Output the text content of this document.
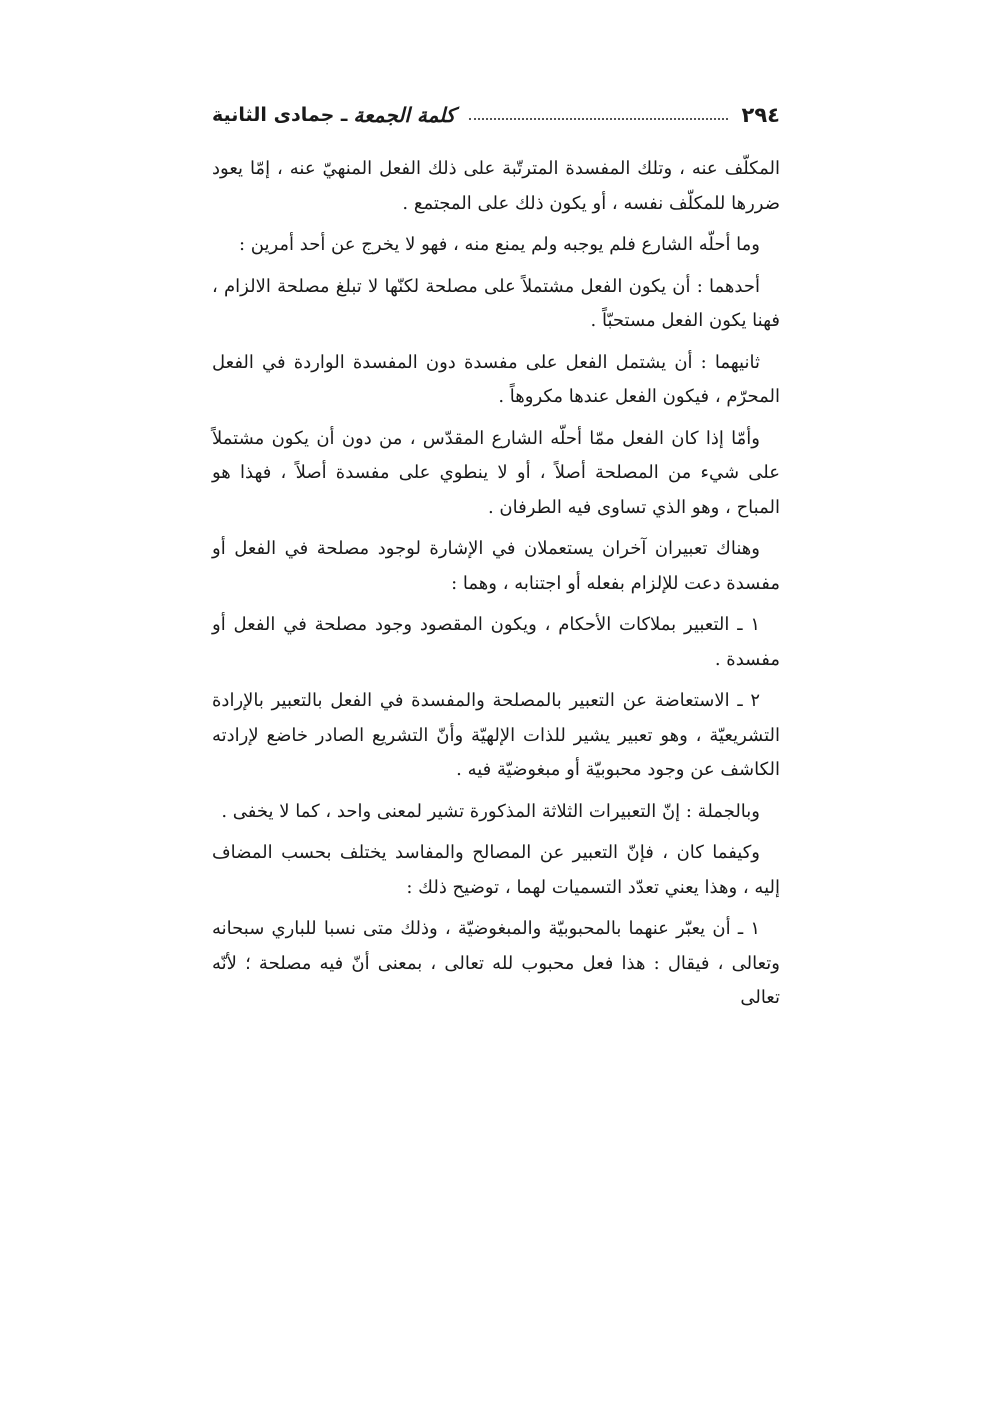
٢٩٤
كلمة الجمعة
ـ جمادى الثانية

المكلّف عنه ، وتلك المفسدة المترتّبة على ذلك الفعل المنهيّ عنه ، إمّا يعود ضررها للمكلّف نفسه ، أو يكون ذلك على المجتمع .

وما أحلّه الشارع فلم يوجبه ولم يمنع منه ، فهو لا يخرج عن أحد أمرين :

أحدهما : أن يكون الفعل مشتملاً على مصلحة لكنّها لا تبلغ مصلحة الالزام ، فهنا يكون الفعل مستحبّاً .

ثانيهما : أن يشتمل الفعل على مفسدة دون المفسدة الواردة في الفعل المحرّم ، فيكون الفعل عندها مكروهاً .

وأمّا إذا كان الفعل ممّا أحلّه الشارع المقدّس ، من دون أن يكون مشتملاً على شيء من المصلحة أصلاً ، أو لا ينطوي على مفسدة أصلاً ، فهذا هو المباح ، وهو الذي تساوى فيه الطرفان .

وهناك تعبيران آخران يستعملان في الإشارة لوجود مصلحة في الفعل أو مفسدة دعت للإلزام بفعله أو اجتنابه ، وهما :

١ ـ التعبير بملاكات الأحكام ، ويكون المقصود وجود مصلحة في الفعل أو مفسدة .

٢ ـ الاستعاضة عن التعبير بالمصلحة والمفسدة في الفعل بالتعبير بالإرادة التشريعيّة ، وهو تعبير يشير للذات الإلهيّة وأنّ التشريع الصادر خاضع لإرادته الكاشف عن وجود محبوبيّة أو مبغوضيّة فيه .

وبالجملة : إنّ التعبيرات الثلاثة المذكورة تشير لمعنى واحد ، كما لا يخفى .

وكيفما كان ، فإنّ التعبير عن المصالح والمفاسد يختلف بحسب المضاف إليه ، وهذا يعني تعدّد التسميات لهما ، توضيح ذلك :

١ ـ أن يعبّر عنهما بالمحبوبيّة والمبغوضيّة ، وذلك متى نسبا للباري سبحانه وتعالى ، فيقال : هذا فعل محبوب لله تعالى ، بمعنى أنّ فيه مصلحة ؛ لأنّه تعالى
